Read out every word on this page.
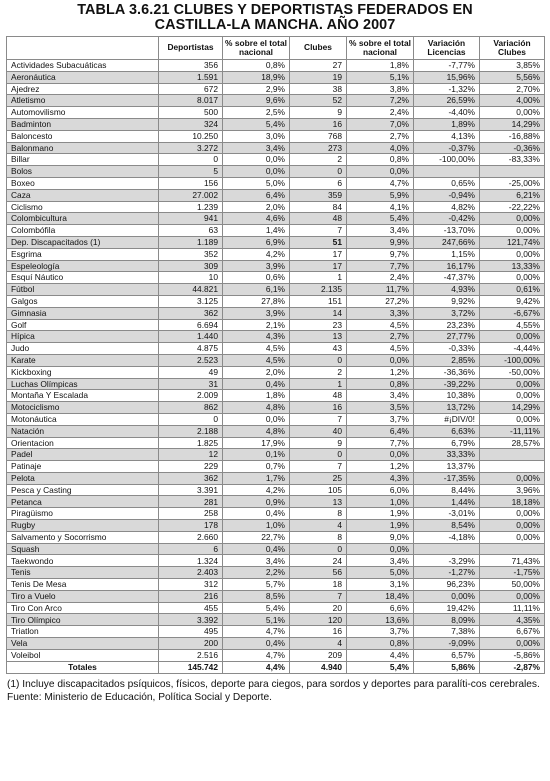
TABLA 3.6.21 CLUBES Y DEPORTISTAS FEDERADOS EN
CASTILLA-LA MANCHA. AÑO 2007
	Deportistas	% sobre el total nacional	Clubes	% sobre el total nacional	Variación Licencias	Variación Clubes
Actividades Subacuáticas	356	0,8%	27	1,8%	-7,77%	3,85%
Aeronáutica	1.591	18,9%	19	5,1%	15,96%	5,56%
Ajedrez	672	2,9%	38	3,8%	-1,32%	2,70%
Atletismo	8.017	9,6%	52	7,2%	26,59%	4,00%
Automovilismo	500	2,5%	9	2,4%	-4,40%	0,00%
Badminton	324	5,4%	16	7,0%	1,89%	14,29%
Baloncesto	10.250	3,0%	768	2,7%	4,13%	-16,88%
Balonmano	3.272	3,4%	273	4,0%	-0,37%	-0,36%
Billar	0	0,0%	2	0,8%	-100,00%	-83,33%
Bolos	5	0,0%	0	0,0%		
Boxeo	156	5,0%	6	4,7%	0,65%	-25,00%
Caza	27.002	6,4%	359	5,9%	-0,94%	6,21%
Ciclismo	1.239	2,0%	84	4,1%	4,82%	-22,22%
Colombicultura	941	4,6%	48	5,4%	-0,42%	0,00%
Colombófila	63	1,4%	7	3,4%	-13,70%	0,00%
Dep. Discapacitados (1)	1.189	6,9%	51	9,9%	247,66%	121,74%
Esgrima	352	4,2%	17	9,7%	1,15%	0,00%
Espeleología	309	3,9%	17	7,7%	16,17%	13,33%
Esquí Náutico	10	0,6%	1	2,4%	-47,37%	0,00%
Fútbol	44.821	6,1%	2.135	11,7%	4,93%	0,61%
Galgos	3.125	27,8%	151	27,2%	9,92%	9,42%
Gimnasia	362	3,9%	14	3,3%	3,72%	-6,67%
Golf	6.694	2,1%	23	4,5%	23,23%	4,55%
Hípica	1.440	4,3%	13	2,7%	27,77%	0,00%
Judo	4.875	4,5%	43	4,5%	-0,33%	-4,44%
Karate	2.523	4,5%	0	0,0%	2,85%	-100,00%
Kickboxing	49	2,0%	2	1,2%	-36,36%	-50,00%
Luchas Olímpicas	31	0,4%	1	0,8%	-39,22%	0,00%
Montaña Y Escalada	2.009	1,8%	48	3,4%	10,38%	0,00%
Motociclismo	862	4,8%	16	3,5%	13,72%	14,29%
Motonáutica	0	0,0%	7	3,7%	#¡DIV/0!	0,00%
Natación	2.188	4,8%	40	6,4%	6,63%	-11,11%
Orientacion	1.825	17,9%	9	7,7%	6,79%	28,57%
Padel	12	0,1%	0	0,0%	33,33%	
Patinaje	229	0,7%	7	1,2%	13,37%	
Pelota	362	1,7%	25	4,3%	-17,35%	0,00%
Pesca y Casting	3.391	4,2%	105	6,0%	8,44%	3,96%
Petanca	281	0,9%	13	1,0%	1,44%	18,18%
Piragüismo	258	0,4%	8	1,9%	-3,01%	0,00%
Rugby	178	1,0%	4	1,9%	8,54%	0,00%
Salvamento y Socorrismo	2.660	22,7%	8	9,0%	-4,18%	0,00%
Squash	6	0,4%	0	0,0%		
Taekwondo	1.324	3,4%	24	3,4%	-3,29%	71,43%
Tenis	2.403	2,2%	56	5,0%	-1,27%	-1,75%
Tenis De Mesa	312	5,7%	18	3,1%	96,23%	50,00%
Tiro a Vuelo	216	8,5%	7	18,4%	0,00%	0,00%
Tiro Con Arco	455	5,4%	20	6,6%	19,42%	11,11%
Tiro Olímpico	3.392	5,1%	120	13,6%	8,09%	4,35%
Triatlon	495	4,7%	16	3,7%	7,38%	6,67%
Vela	200	0,4%	4	0,8%	-9,09%	0,00%
Voleibol	2.516	4,7%	209	4,4%	6,57%	-5,86%
Totales	145.742	4,4%	4.940	5,4%	5,86%	-2,87%
(1) Incluye discapacitados psíquicos, físicos, deporte para ciegos, para sordos y deportes para paralíti-cos cerebrales.
Fuente: Ministerio de Educación, Política Social y Deporte.
